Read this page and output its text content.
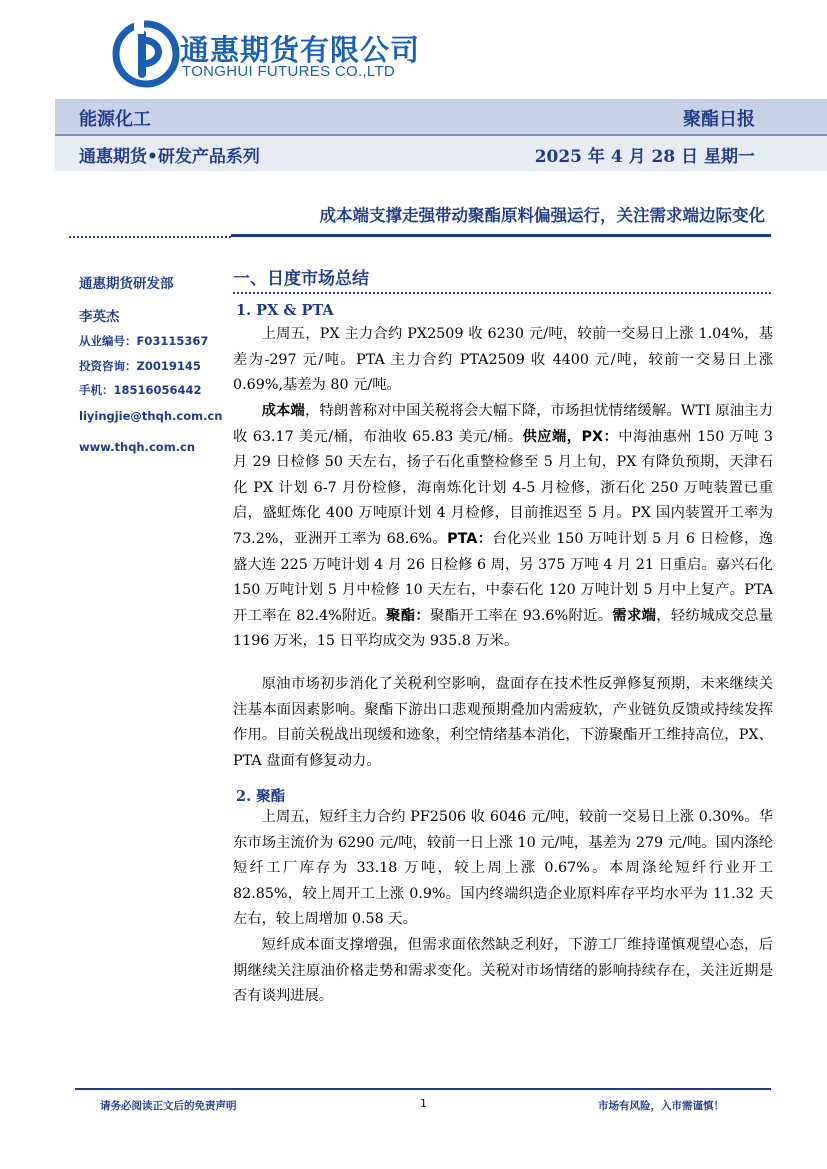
通惠期货有限公司
TONGHUI FUTURES CO.,LTD
能源化工	聚酯日报
通惠期货•研发产品系列	2025 年 4 月 28 日 星期一
成本端支撑走强带动聚酯原料偏强运行，关注需求端边际变化
通惠期货研发部
李英杰
从业编号：F03115367
投资咨询：Z0019145
手机：18516056442
liyingjie@thqh.com.cn
www.thqh.com.cn
一、日度市场总结
1. PX & PTA
上周五，PX 主力合约 PX2509 收 6230 元/吨，较前一交易日上涨 1.04%，基差为-297 元/吨。PTA 主力合约 PTA2509 收 4400 元/吨，较前一交易日上涨 0.69%,基差为 80 元/吨。
成本端，特朗普称对中国关税将会大幅下降，市场担忧情绪缓解。WTI 原油主力收 63.17 美元/桶，布油收 65.83 美元/桶。供应端，PX：中海油惠州 150 万吨 3 月 29 日检修 50 天左右，扬子石化重整检修至 5 月上旬，PX 有降负预期，天津石化 PX 计划 6-7 月份检修，海南炼化计划 4-5 月检修，浙石化 250 万吨装置已重启，盛虹炼化 400 万吨原计划 4 月检修，目前推迟至 5 月。PX 国内装置开工率为 73.2%，亚洲开工率为 68.6%。PTA：台化兴业 150 万吨计划 5 月 6 日检修，逸盛大连 225 万吨计划 4 月 26 日检修 6 周，另 375 万吨 4 月 21 日重启。嘉兴石化 150 万吨计划 5 月中检修 10 天左右，中泰石化 120 万吨计划 5 月中上复产。PTA 开工率在 82.4%附近。聚酯：聚酯开工率在 93.6%附近。需求端，轻纺城成交总量 1196 万米，15 日平均成交为 935.8 万米。
原油市场初步消化了关税利空影响，盘面存在技术性反弹修复预期，未来继续关注基本面因素影响。聚酯下游出口悲观预期叠加内需疲软，产业链负反馈或持续发挥作用。目前关税战出现缓和迹象，利空情绪基本消化，下游聚酯开工维持高位，PX、PTA 盘面有修复动力。
2. 聚酯
上周五，短纤主力合约 PF2506 收 6046 元/吨，较前一交易日上涨 0.30%。华东市场主流价为 6290 元/吨，较前一日上涨 10 元/吨，基差为 279 元/吨。国内涤纶短纤工厂库存为 33.18 万吨，较上周上涨 0.67%。本周涤纶短纤行业开工 82.85%，较上周开工上涨 0.9%。国内终端织造企业原料库存平均水平为 11.32 天左右，较上周增加 0.58 天。
短纤成本面支撑增强，但需求面依然缺乏利好，下游工厂维持谨慎观望心态，后期继续关注原油价格走势和需求变化。关税对市场情绪的影响持续存在，关注近期是否有谈判进展。
请务必阅读正文后的免责声明	1	市场有风险，入市需谨慎！
